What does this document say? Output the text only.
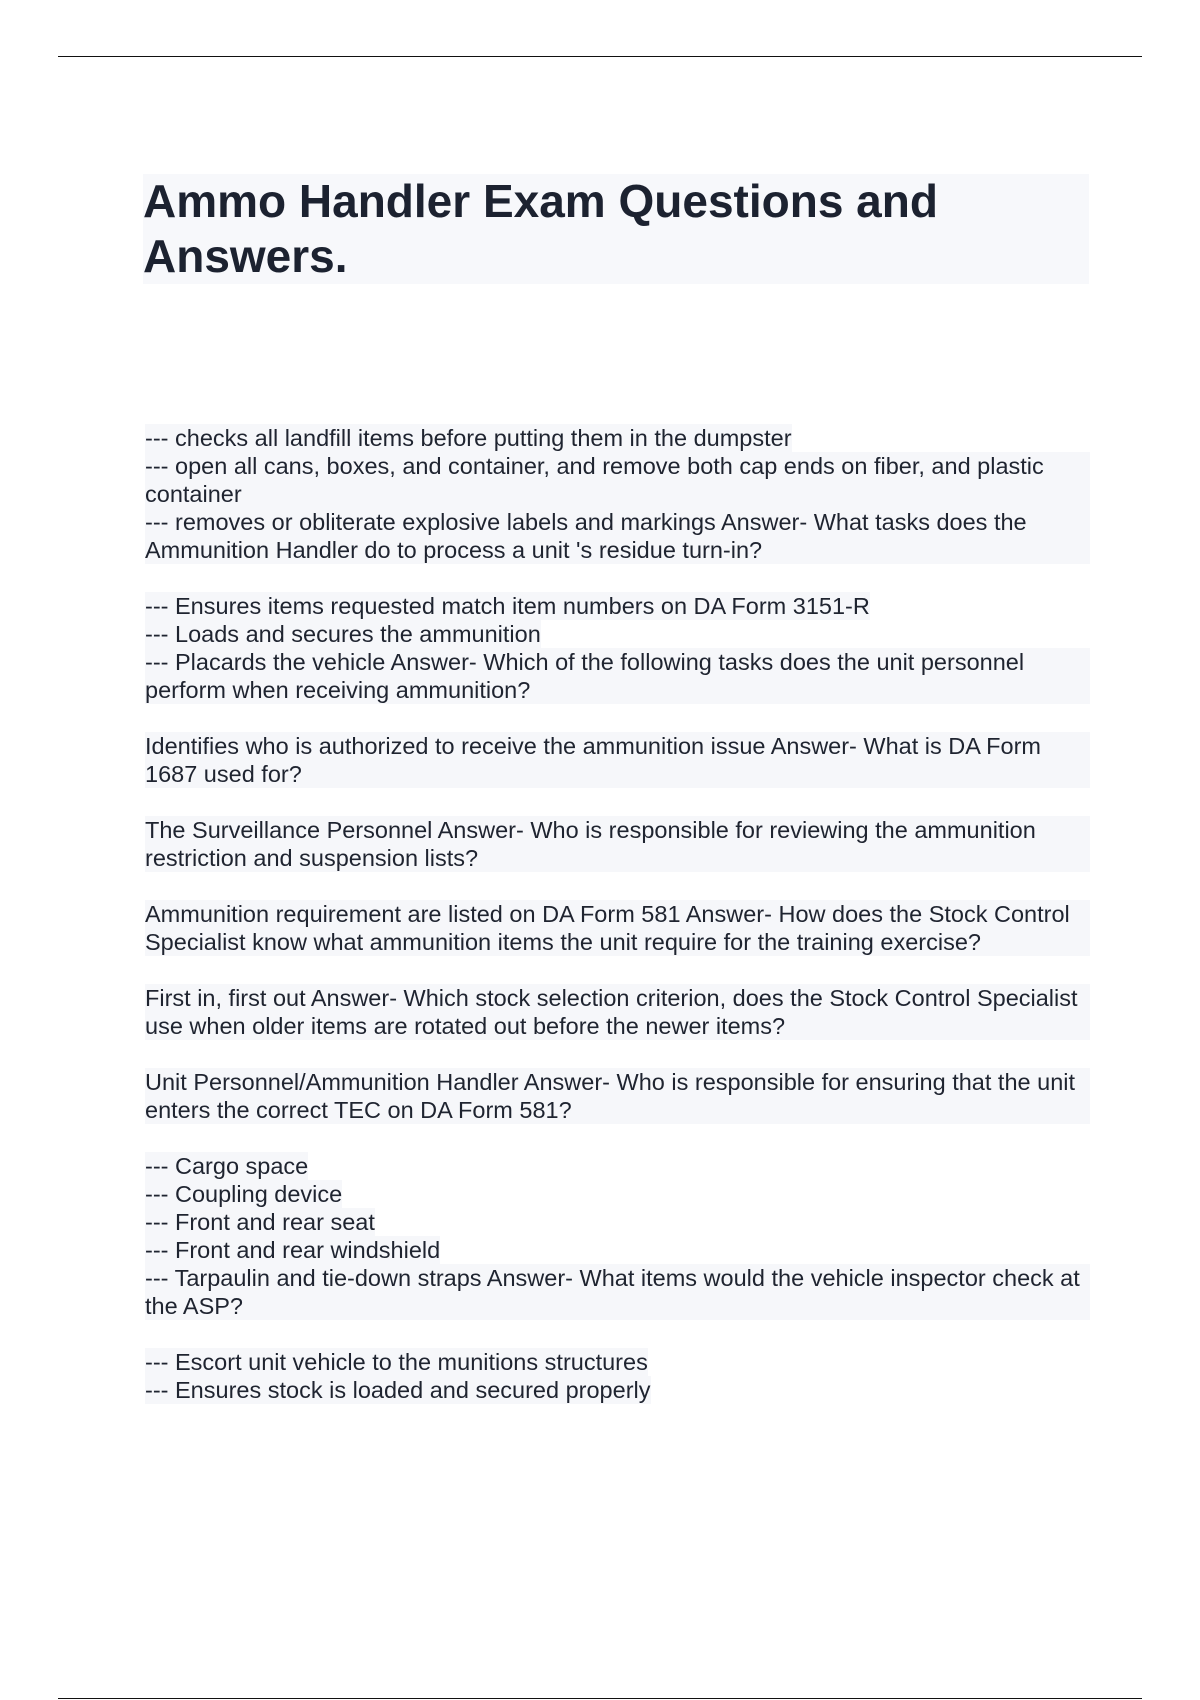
Ammo Handler Exam Questions and Answers.
--- checks all landfill items before putting them in the dumpster
--- open all cans, boxes, and container, and remove both cap ends on fiber, and plastic container
--- removes or obliterate explosive labels and markings Answer- What tasks does the Ammunition Handler do to process a unit 's residue turn-in?
--- Ensures items requested match item numbers on DA Form 3151-R
--- Loads and secures the ammunition
--- Placards the vehicle Answer- Which of the following tasks does the unit personnel perform when receiving ammunition?
Identifies who is authorized to receive the ammunition issue Answer- What is DA Form 1687 used for?
The Surveillance Personnel Answer- Who is responsible for reviewing the ammunition restriction and suspension lists?
Ammunition requirement are listed on DA Form 581 Answer- How does the Stock Control Specialist know what ammunition items the unit require for the training exercise?
First in, first out Answer- Which stock selection criterion, does the Stock Control Specialist use when older items are rotated out before the newer items?
Unit Personnel/Ammunition Handler Answer- Who is responsible for ensuring that the unit enters the correct TEC on DA Form 581?
--- Cargo space
--- Coupling device
--- Front and rear seat
--- Front and rear windshield
--- Tarpaulin and tie-down straps Answer- What items would the vehicle inspector check at the ASP?
--- Escort unit vehicle to the munitions structures
--- Ensures stock is loaded and secured properly
